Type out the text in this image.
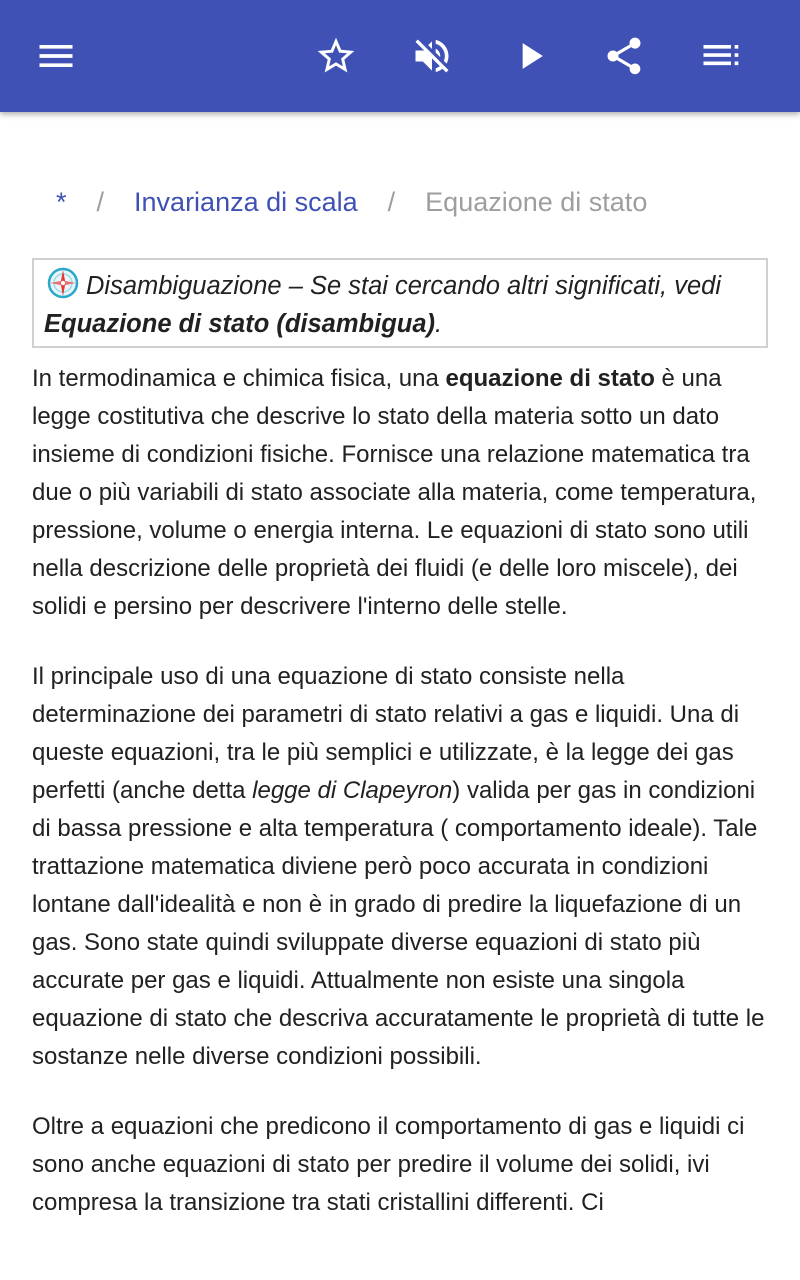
* / Invarianza di scala / Equazione di stato
Disambiguazione – Se stai cercando altri significati, vedi
Equazione di stato (disambigua).

In termodinamica e chimica fisica, una equazione di stato è una legge costitutiva che descrive lo stato della materia sotto un dato insieme di condizioni fisiche. Fornisce una relazione matematica tra due o più variabili di stato associate alla materia, come temperatura, pressione, volume o energia interna. Le equazioni di stato sono utili nella descrizione delle proprietà dei fluidi (e delle loro miscele), dei solidi e persino per descrivere l'interno delle stelle.

Il principale uso di una equazione di stato consiste nella determinazione dei parametri di stato relativi a gas e liquidi. Una di queste equazioni, tra le più semplici e utilizzate, è la legge dei gas perfetti (anche detta legge di Clapeyron) valida per gas in condizioni di bassa pressione e alta temperatura ( comportamento ideale). Tale trattazione matematica diviene però poco accurata in condizioni lontane dall'idealità e non è in grado di predire la liquefazione di un gas. Sono state quindi sviluppate diverse equazioni di stato più accurate per gas e liquidi. Attualmente non esiste una singola equazione di stato che descriva accuratamente le proprietà di tutte le sostanze nelle diverse condizioni possibili.

Oltre a equazioni che predicono il comportamento di gas e liquidi ci sono anche equazioni di stato per predire il volume dei solidi, ivi compresa la transizione tra stati cristallini differenti. Ci
